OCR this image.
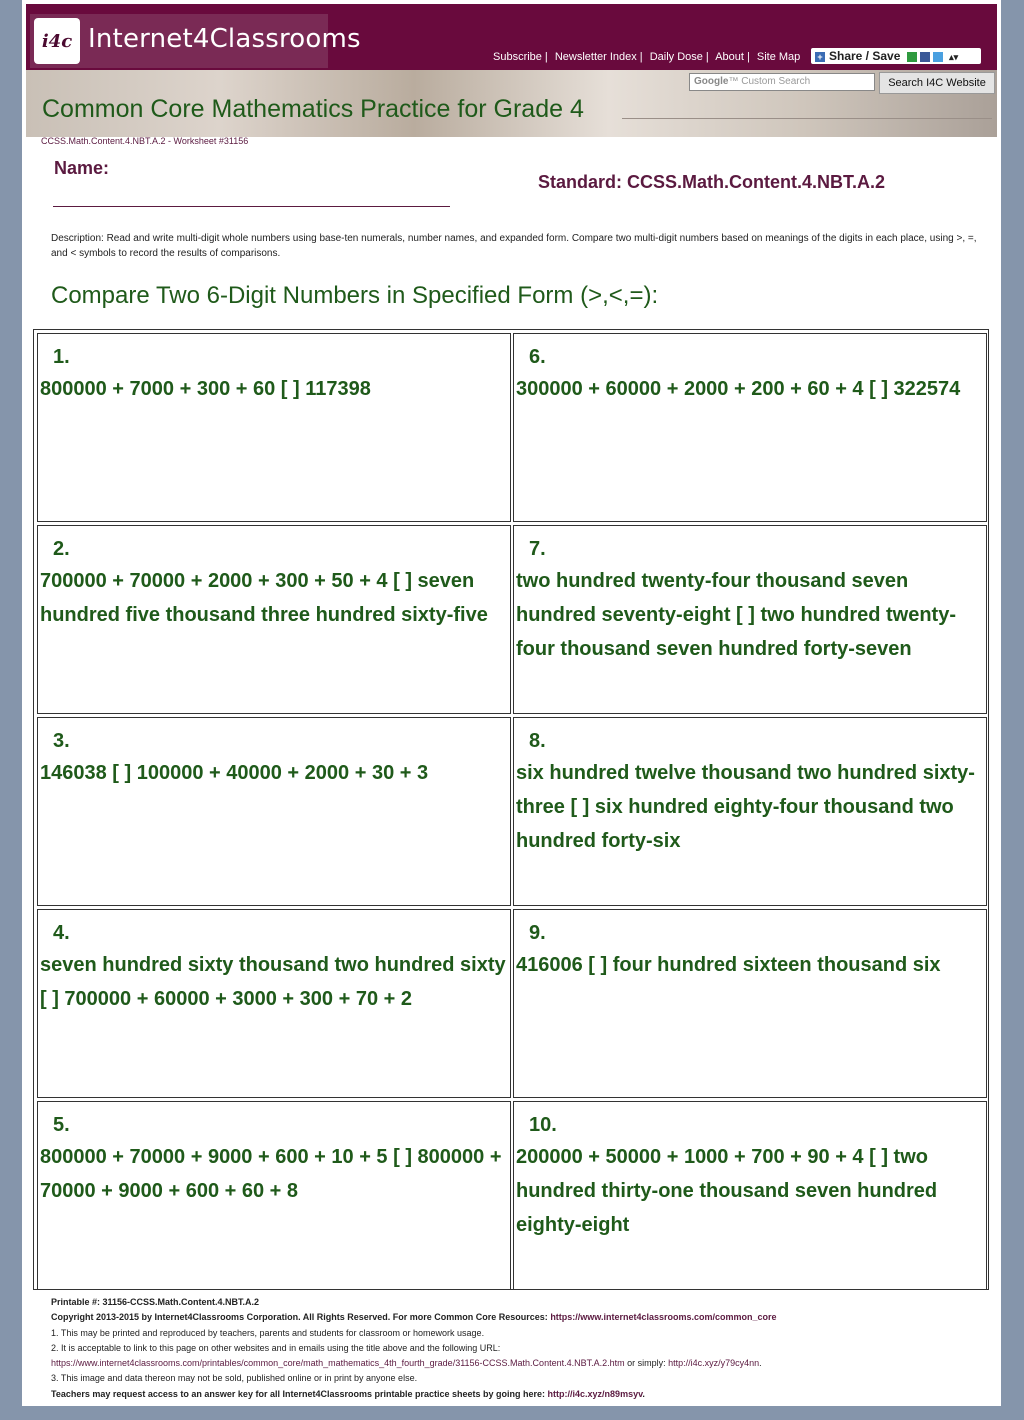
i4c Internet4Classrooms
Subscribe | Newsletter Index | Daily Dose | About | Site Map	+ Share / Save	▴▾
Google™ Custom Search	Search I4C Website
Common Core Mathematics Practice for Grade 4
CCSS.Math.Content.4.NBT.A.2 - Worksheet #31156
Name:
Standard: CCSS.Math.Content.4.NBT.A.2
Description: Read and write multi-digit whole numbers using base-ten numerals, number names, and expanded form. Compare two multi-digit numbers based on meanings of the digits in each place, using >, =, and < symbols to record the results of comparisons.
Compare Two 6-Digit Numbers in Specified Form (>,<,=):
1.
800000 + 7000 + 300 + 60 [ ] 117398
2.
700000 + 70000 + 2000 + 300 + 50 + 4 [ ] seven hundred five thousand three hundred sixty-five
3.
146038 [ ] 100000 + 40000 + 2000 + 30 + 3
4.
seven hundred sixty thousand two hundred sixty [ ] 700000 + 60000 + 3000 + 300 + 70 + 2
5.
800000 + 70000 + 9000 + 600 + 10 + 5 [ ] 800000 + 70000 + 9000 + 600 + 60 + 8
6.
300000 + 60000 + 2000 + 200 + 60 + 4 [ ] 322574
7.
two hundred twenty-four thousand seven hundred seventy-eight [ ] two hundred twenty-four thousand seven hundred forty-seven
8.
six hundred twelve thousand two hundred sixty-three [ ] six hundred eighty-four thousand two hundred forty-six
9.
416006 [ ] four hundred sixteen thousand six
10.
200000 + 50000 + 1000 + 700 + 90 + 4 [ ] two hundred thirty-one thousand seven hundred eighty-eight
Printable #: 31156-CCSS.Math.Content.4.NBT.A.2
Copyright 2013-2015 by Internet4Classrooms Corporation. All Rights Reserved. For more Common Core Resources: https://www.internet4classrooms.com/common_core
1. This may be printed and reproduced by teachers, parents and students for classroom or homework usage.
2. It is acceptable to link to this page on other websites and in emails using the title above and the following URL:
https://www.internet4classrooms.com/printables/common_core/math_mathematics_4th_fourth_grade/31156-CCSS.Math.Content.4.NBT.A.2.htm or simply: http://i4c.xyz/y79cy4nn.
3. This image and data thereon may not be sold, published online or in print by anyone else.
Teachers may request access to an answer key for all Internet4Classrooms printable practice sheets by going here: http://i4c.xyz/n89msyv.
